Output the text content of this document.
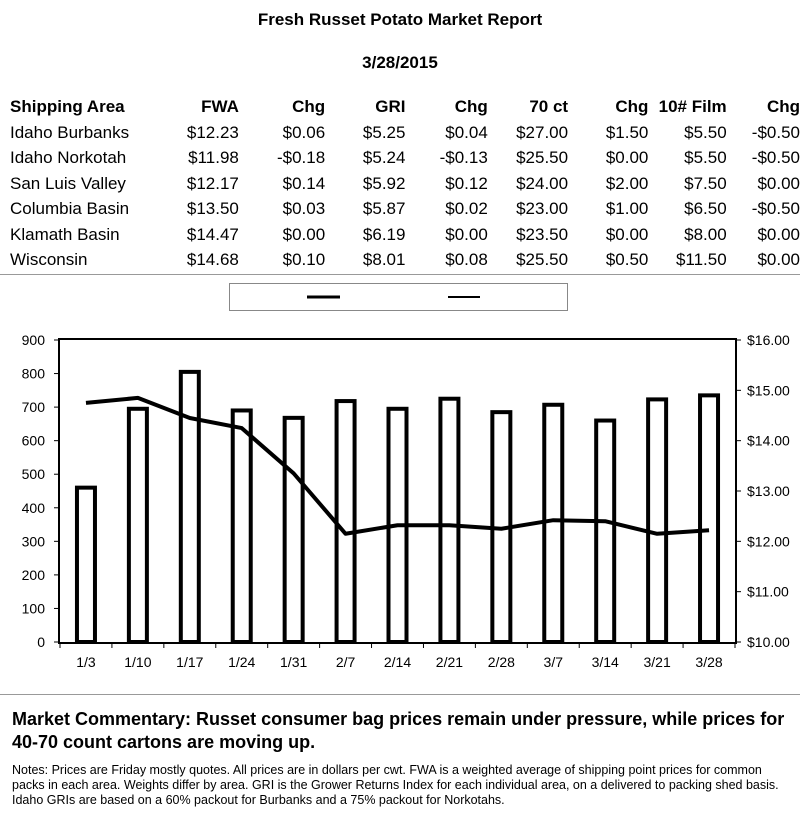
Fresh Russet Potato Market Report
3/28/2015
Shipping Area	FWA	Chg	GRI	Chg	70 ct	Chg	10# Film	Chg
Idaho Burbanks	$12.23	$0.06	$5.25	$0.04	$27.00	$1.50	$5.50	-$0.50
Idaho Norkotah	$11.98	-$0.18	$5.24	-$0.13	$25.50	$0.00	$5.50	-$0.50
San Luis Valley	$12.17	$0.14	$5.92	$0.12	$24.00	$2.00	$7.50	$0.00
Columbia Basin	$13.50	$0.03	$5.87	$0.02	$23.00	$1.00	$6.50	-$0.50
Klamath Basin	$14.47	$0.00	$6.19	$0.00	$23.50	$0.00	$8.00	$0.00
Wisconsin	$14.68	$0.10	$8.01	$0.08	$25.50	$0.50	$11.50	$0.00
0
100
200
300
400
500
600
700
800
900
$10.00
$11.00
$12.00
$13.00
$14.00
$15.00
$16.00
1/3 1/10 1/17 1/24 1/31 2/7 2/14 2/21 2/28 3/7 3/14 3/21 3/28
Market Commentary: Russet consumer bag prices remain under pressure, while prices for 40-70 count cartons are moving up.
Notes: Prices are Friday mostly quotes. All prices are in dollars per cwt. FWA is a weighted average of shipping point prices for common packs in each area. Weights differ by area. GRI is the Grower Returns Index for each individual area, on a delivered to packing shed basis. Idaho GRIs are based on a 60% packout for Burbanks and a 75% packout for Norkotahs.
